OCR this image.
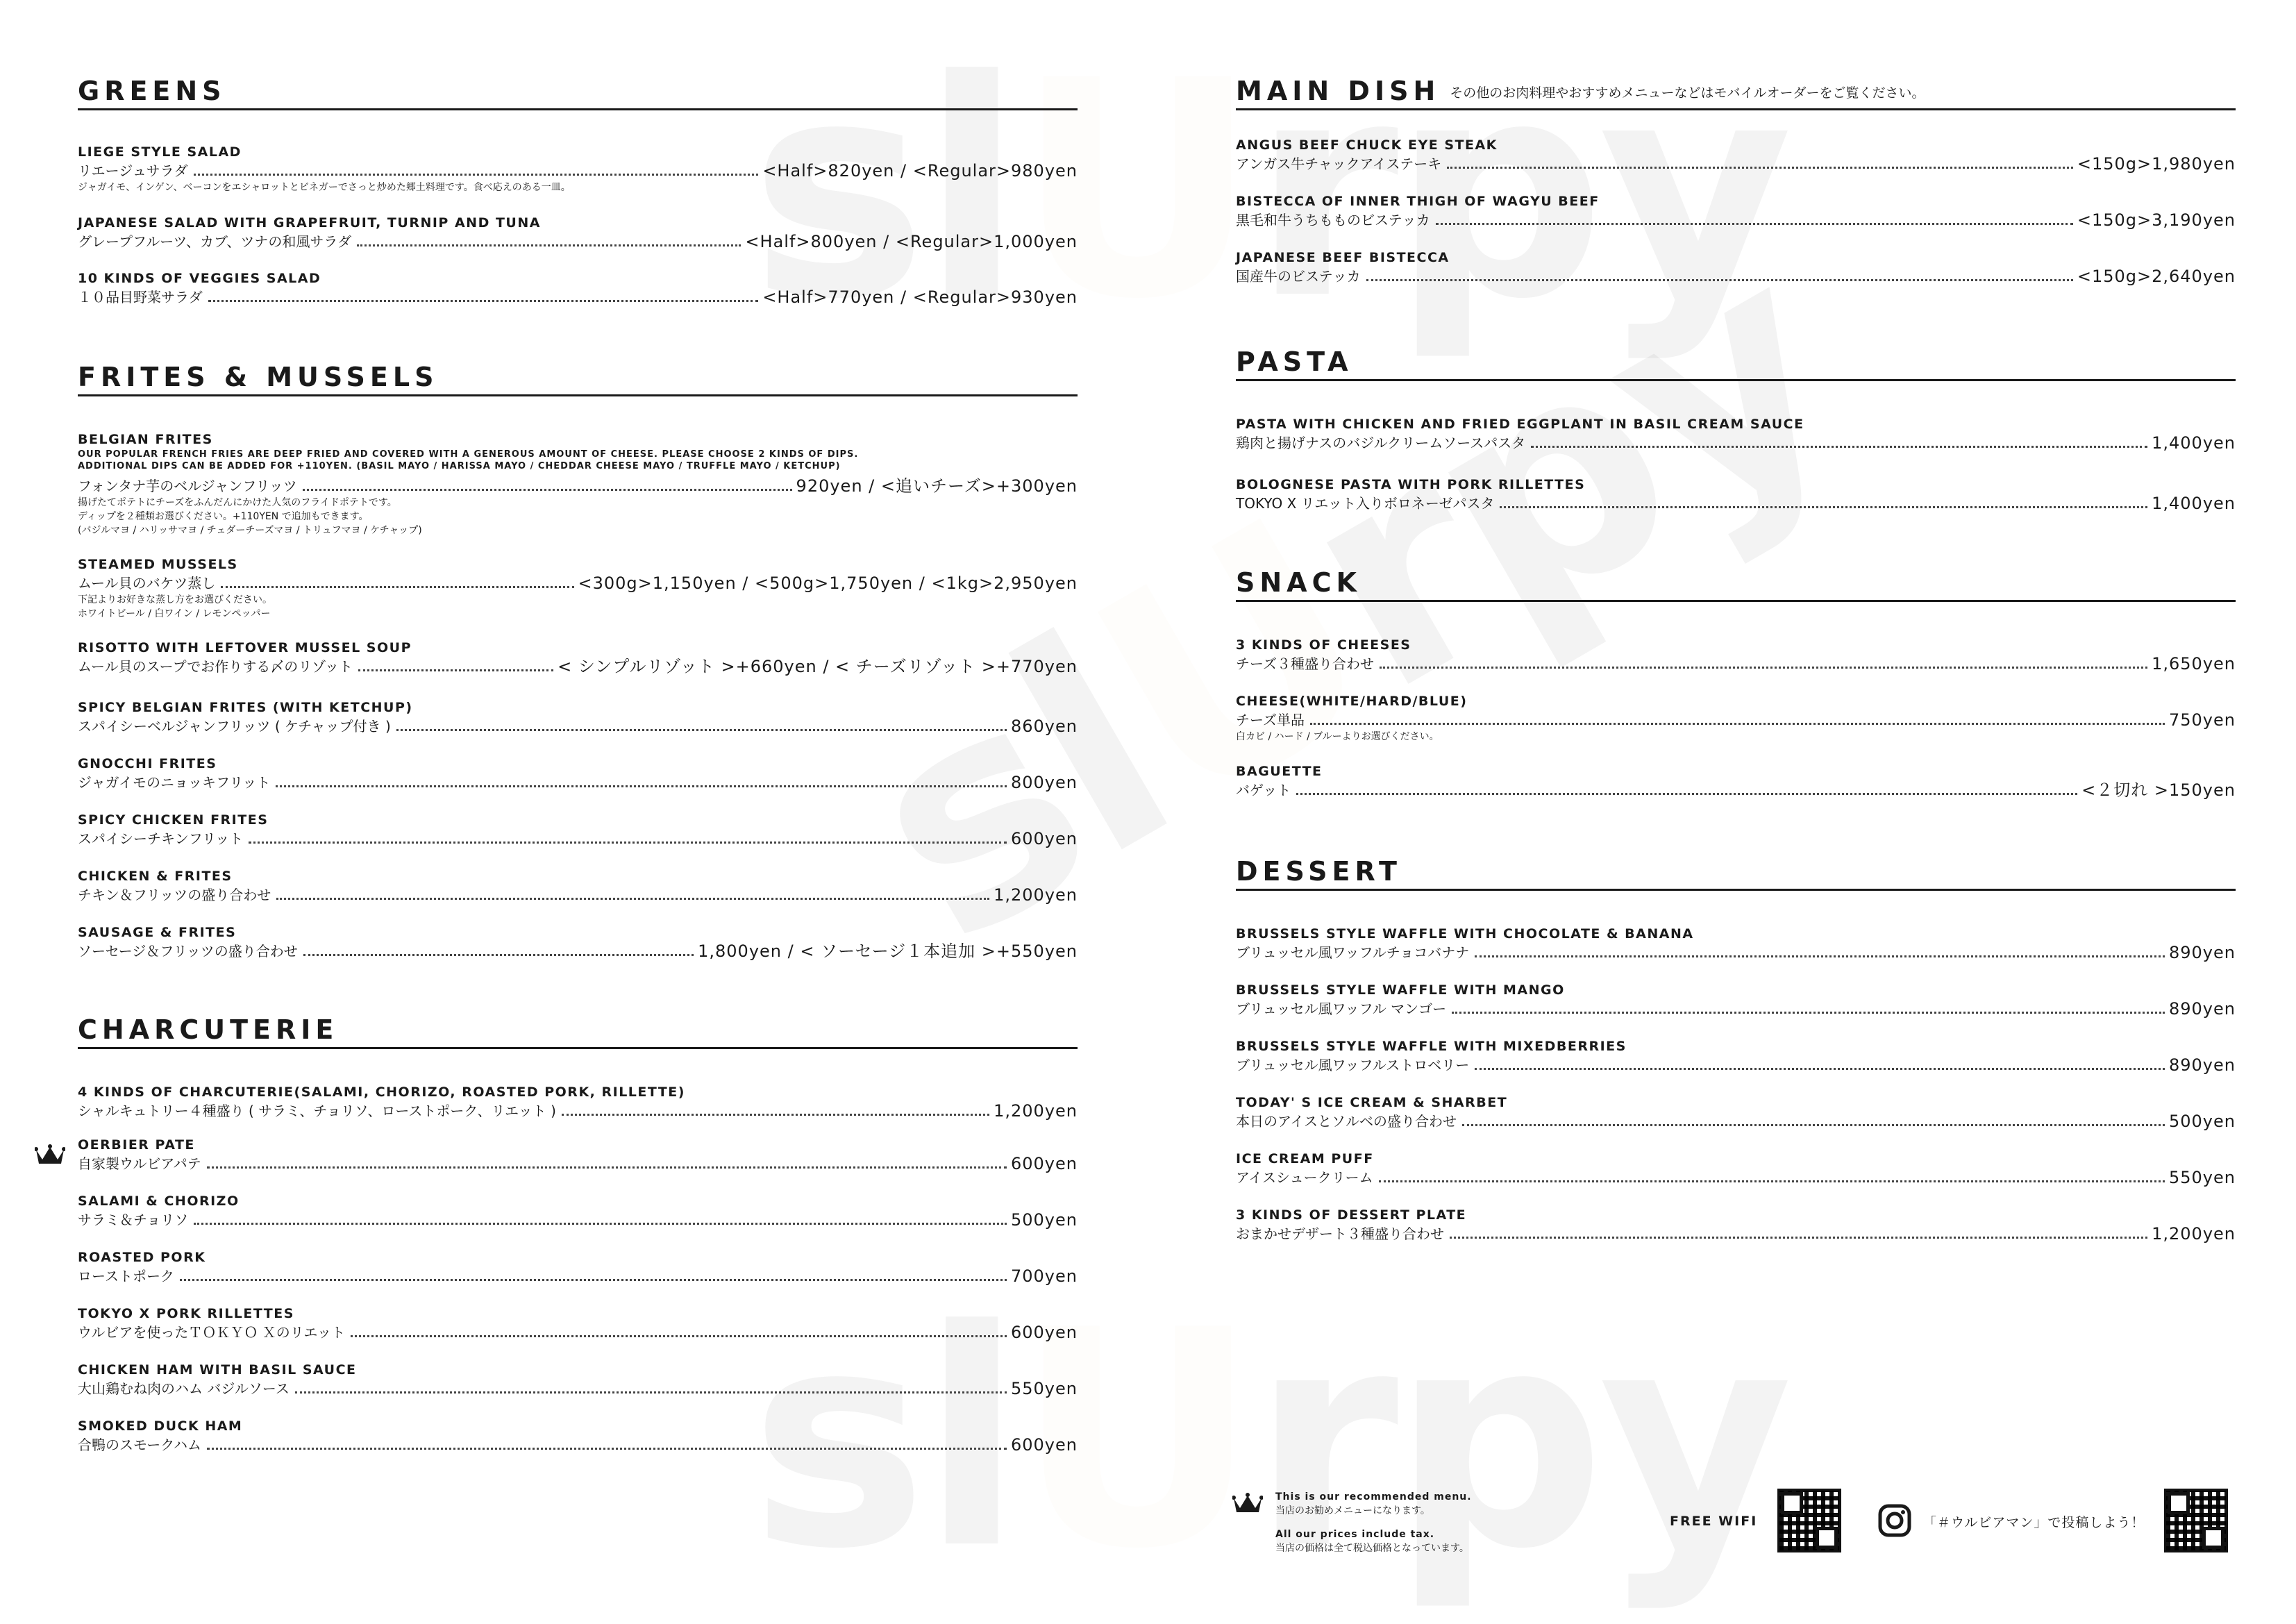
GREENS
LIEGE STYLE SALAD
リエージュサラダ	<Half>820yen / <Regular>980yen
ジャガイモ、インゲン、ベーコンをエシャロットとビネガーでさっと炒めた郷土料理です。食べ応えのある一皿。
JAPANESE SALAD WITH GRAPEFRUIT, TURNIP AND TUNA
グレープフルーツ、カブ、ツナの和風サラダ	<Half>800yen / <Regular>1,000yen
10 KINDS OF VEGGIES SALAD
１０品目野菜サラダ	<Half>770yen / <Regular>930yen
FRITES & MUSSELS
BELGIAN FRITES
OUR POPULAR FRENCH FRIES ARE DEEP FRIED AND COVERED WITH A GENEROUS AMOUNT OF CHEESE. PLEASE CHOOSE 2 KINDS OF DIPS.
ADDITIONAL DIPS CAN BE ADDED FOR +110YEN. (BASIL MAYO / HARISSA MAYO / CHEDDAR CHEESE MAYO / TRUFFLE MAYO / KETCHUP)
フォンタナ芋のベルジャンフリッツ	920yen / <追いチーズ>+300yen
揚げたてポテトにチーズをふんだんにかけた人気のフライドポテトです。
ディップを２種類お選びください。+110YEN で追加もできます。
(バジルマヨ / ハリッサマヨ / チェダーチーズマヨ / トリュフマヨ / ケチャップ)
STEAMED MUSSELS
ムール貝のバケツ蒸し	<300g>1,150yen / <500g>1,750yen / <1kg>2,950yen
下記よりお好きな蒸し方をお選びください。
ホワイトビール / 白ワイン / レモンペッパー
RISOTTO WITH LEFTOVER MUSSEL SOUP
ムール貝のスープでお作りする〆のリゾット	< シンプルリゾット >+660yen / < チーズリゾット >+770yen
SPICY BELGIAN FRITES (WITH KETCHUP)
スパイシーベルジャンフリッツ ( ケチャップ付き )	860yen
GNOCCHI FRITES
ジャガイモのニョッキフリット	800yen
SPICY CHICKEN FRITES
スパイシーチキンフリット	600yen
CHICKEN & FRITES
チキン＆フリッツの盛り合わせ	1,200yen
SAUSAGE & FRITES
ソーセージ＆フリッツの盛り合わせ	1,800yen / < ソーセージ１本追加 >+550yen
CHARCUTERIE
4 KINDS OF CHARCUTERIE(SALAMI, CHORIZO, ROASTED PORK, RILLETTE)
シャルキュトリー４種盛り ( サラミ、チョリソ、ローストポーク、リエット )	1,200yen
OERBIER PATE
自家製ウルビアパテ	600yen
SALAMI & CHORIZO
サラミ＆チョリソ	500yen
ROASTED PORK
ローストポーク	700yen
TOKYO X PORK RILLETTES
ウルビアを使ったＴＯＫＹＯ Ｘのリエット	600yen
CHICKEN HAM WITH BASIL SAUCE
大山鶏むね肉のハム バジルソース	550yen
SMOKED DUCK HAM
合鴨のスモークハム	600yen
MAIN DISH その他のお肉料理やおすすめメニューなどはモバイルオーダーをご覧ください。
ANGUS BEEF CHUCK EYE STEAK
アンガス牛チャックアイステーキ	<150g>1,980yen
BISTECCA OF INNER THIGH OF WAGYU BEEF
黒毛和牛うちもものビステッカ	<150g>3,190yen
JAPANESE BEEF BISTECCA
国産牛のビステッカ	<150g>2,640yen
PASTA
PASTA WITH CHICKEN AND FRIED EGGPLANT IN BASIL CREAM SAUCE
鶏肉と揚げナスのバジルクリームソースパスタ	1,400yen
BOLOGNESE PASTA WITH PORK RILLETTES
TOKYO X リエット入りボロネーゼパスタ	1,400yen
SNACK
3 KINDS OF CHEESES
チーズ３種盛り合わせ	1,650yen
CHEESE(WHITE/HARD/BLUE)
チーズ単品	750yen
白カビ / ハード / ブルーよりお選びください。
BAGUETTE
バゲット	<２切れ >150yen
DESSERT
BRUSSELS STYLE WAFFLE WITH CHOCOLATE & BANANA
ブリュッセル風ワッフルチョコバナナ	890yen
BRUSSELS STYLE WAFFLE WITH MANGO
ブリュッセル風ワッフル マンゴー	890yen
BRUSSELS STYLE WAFFLE WITH MIXEDBERRIES
ブリュッセル風ワッフルストロベリー	890yen
TODAY' S ICE CREAM & SHARBET
本日のアイスとソルベの盛り合わせ	500yen
ICE CREAM PUFF
アイスシュークリーム	550yen
3 KINDS OF DESSERT PLATE
おまかせデザート３種盛り合わせ	1,200yen
This is our recommended menu.
当店のお勧めメニューになります。
All our prices include tax.
当店の価格は全て税込価格となっています。
FREE WIFI	「＃ウルビアマン」で投稿しよう！
